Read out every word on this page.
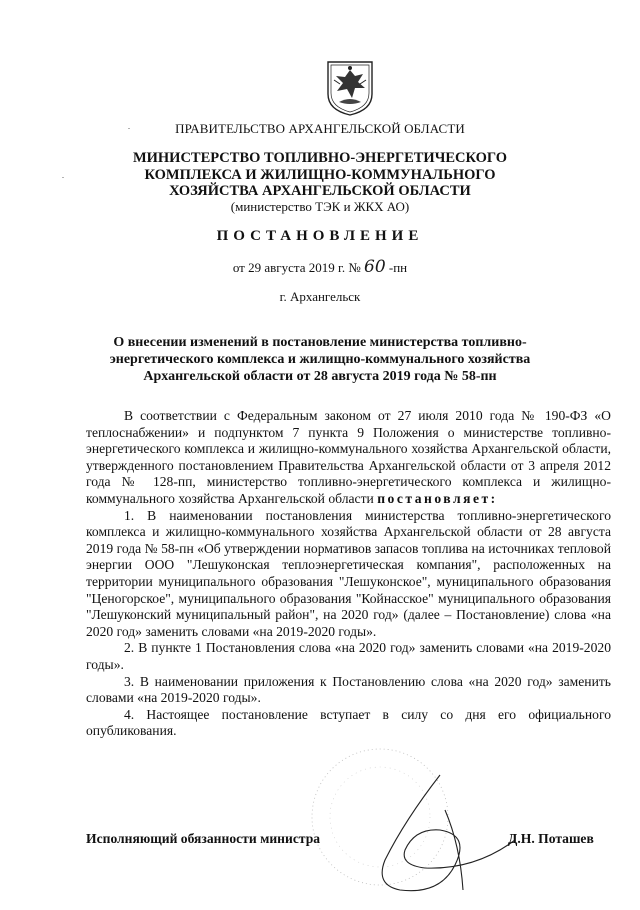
.
.
ПРАВИТЕЛЬСТВО АРХАНГЕЛЬСКОЙ ОБЛАСТИ
МИНИСТЕРСТВО ТОПЛИВНО-ЭНЕРГЕТИЧЕСКОГО
КОМПЛЕКСА И ЖИЛИЩНО-КОММУНАЛЬНОГО
ХОЗЯЙСТВА АРХАНГЕЛЬСКОЙ ОБЛАСТИ
(министерство ТЭК и ЖКХ АО)
ПОСТАНОВЛЕНИЕ
от 29 августа 2019 г. № 60 -пн
г. Архангельск
О внесении изменений в постановление министерства топливно-
энергетического комплекса и жилищно-коммунального хозяйства
Архангельской области от 28 августа 2019 года № 58-пн

В соответствии с Федеральным законом от 27 июля 2010 года № 190-ФЗ «О теплоснабжении» и подпунктом 7 пункта 9 Положения о министерстве топливно-энергетического комплекса и жилищно-коммунального хозяйства Архангельской области, утвержденного постановлением Правительства Архангельской области от 3 апреля 2012 года № 128-пп, министерство топливно-энергетического комплекса и жилищно-коммунального хозяйства Архангельской области постановляет:

1. В наименовании постановления министерства топливно-энергетического комплекса и жилищно-коммунального хозяйства Архангельской области от 28 августа 2019 года № 58-пн «Об утверждении нормативов запасов топлива на источниках тепловой энергии ООО "Лешуконская теплоэнергетическая компания", расположенных на территории муниципального образования "Лешуконское", муниципального образования "Ценогорское", муниципального образования "Койнасское" муниципального образования "Лешуконский муниципальный район", на 2020 год» (далее – Постановление) слова «на 2020 год» заменить словами «на 2019-2020 годы».

2. В пункте 1 Постановления слова «на 2020 год» заменить словами «на 2019-2020 годы».

3. В наименовании приложения к Постановлению слова «на 2020 год» заменить словами «на 2019-2020 годы».

4. Настоящее постановление вступает в силу со дня его официального опубликования.

Исполняющий обязанности министра	Д.Н. Поташев
